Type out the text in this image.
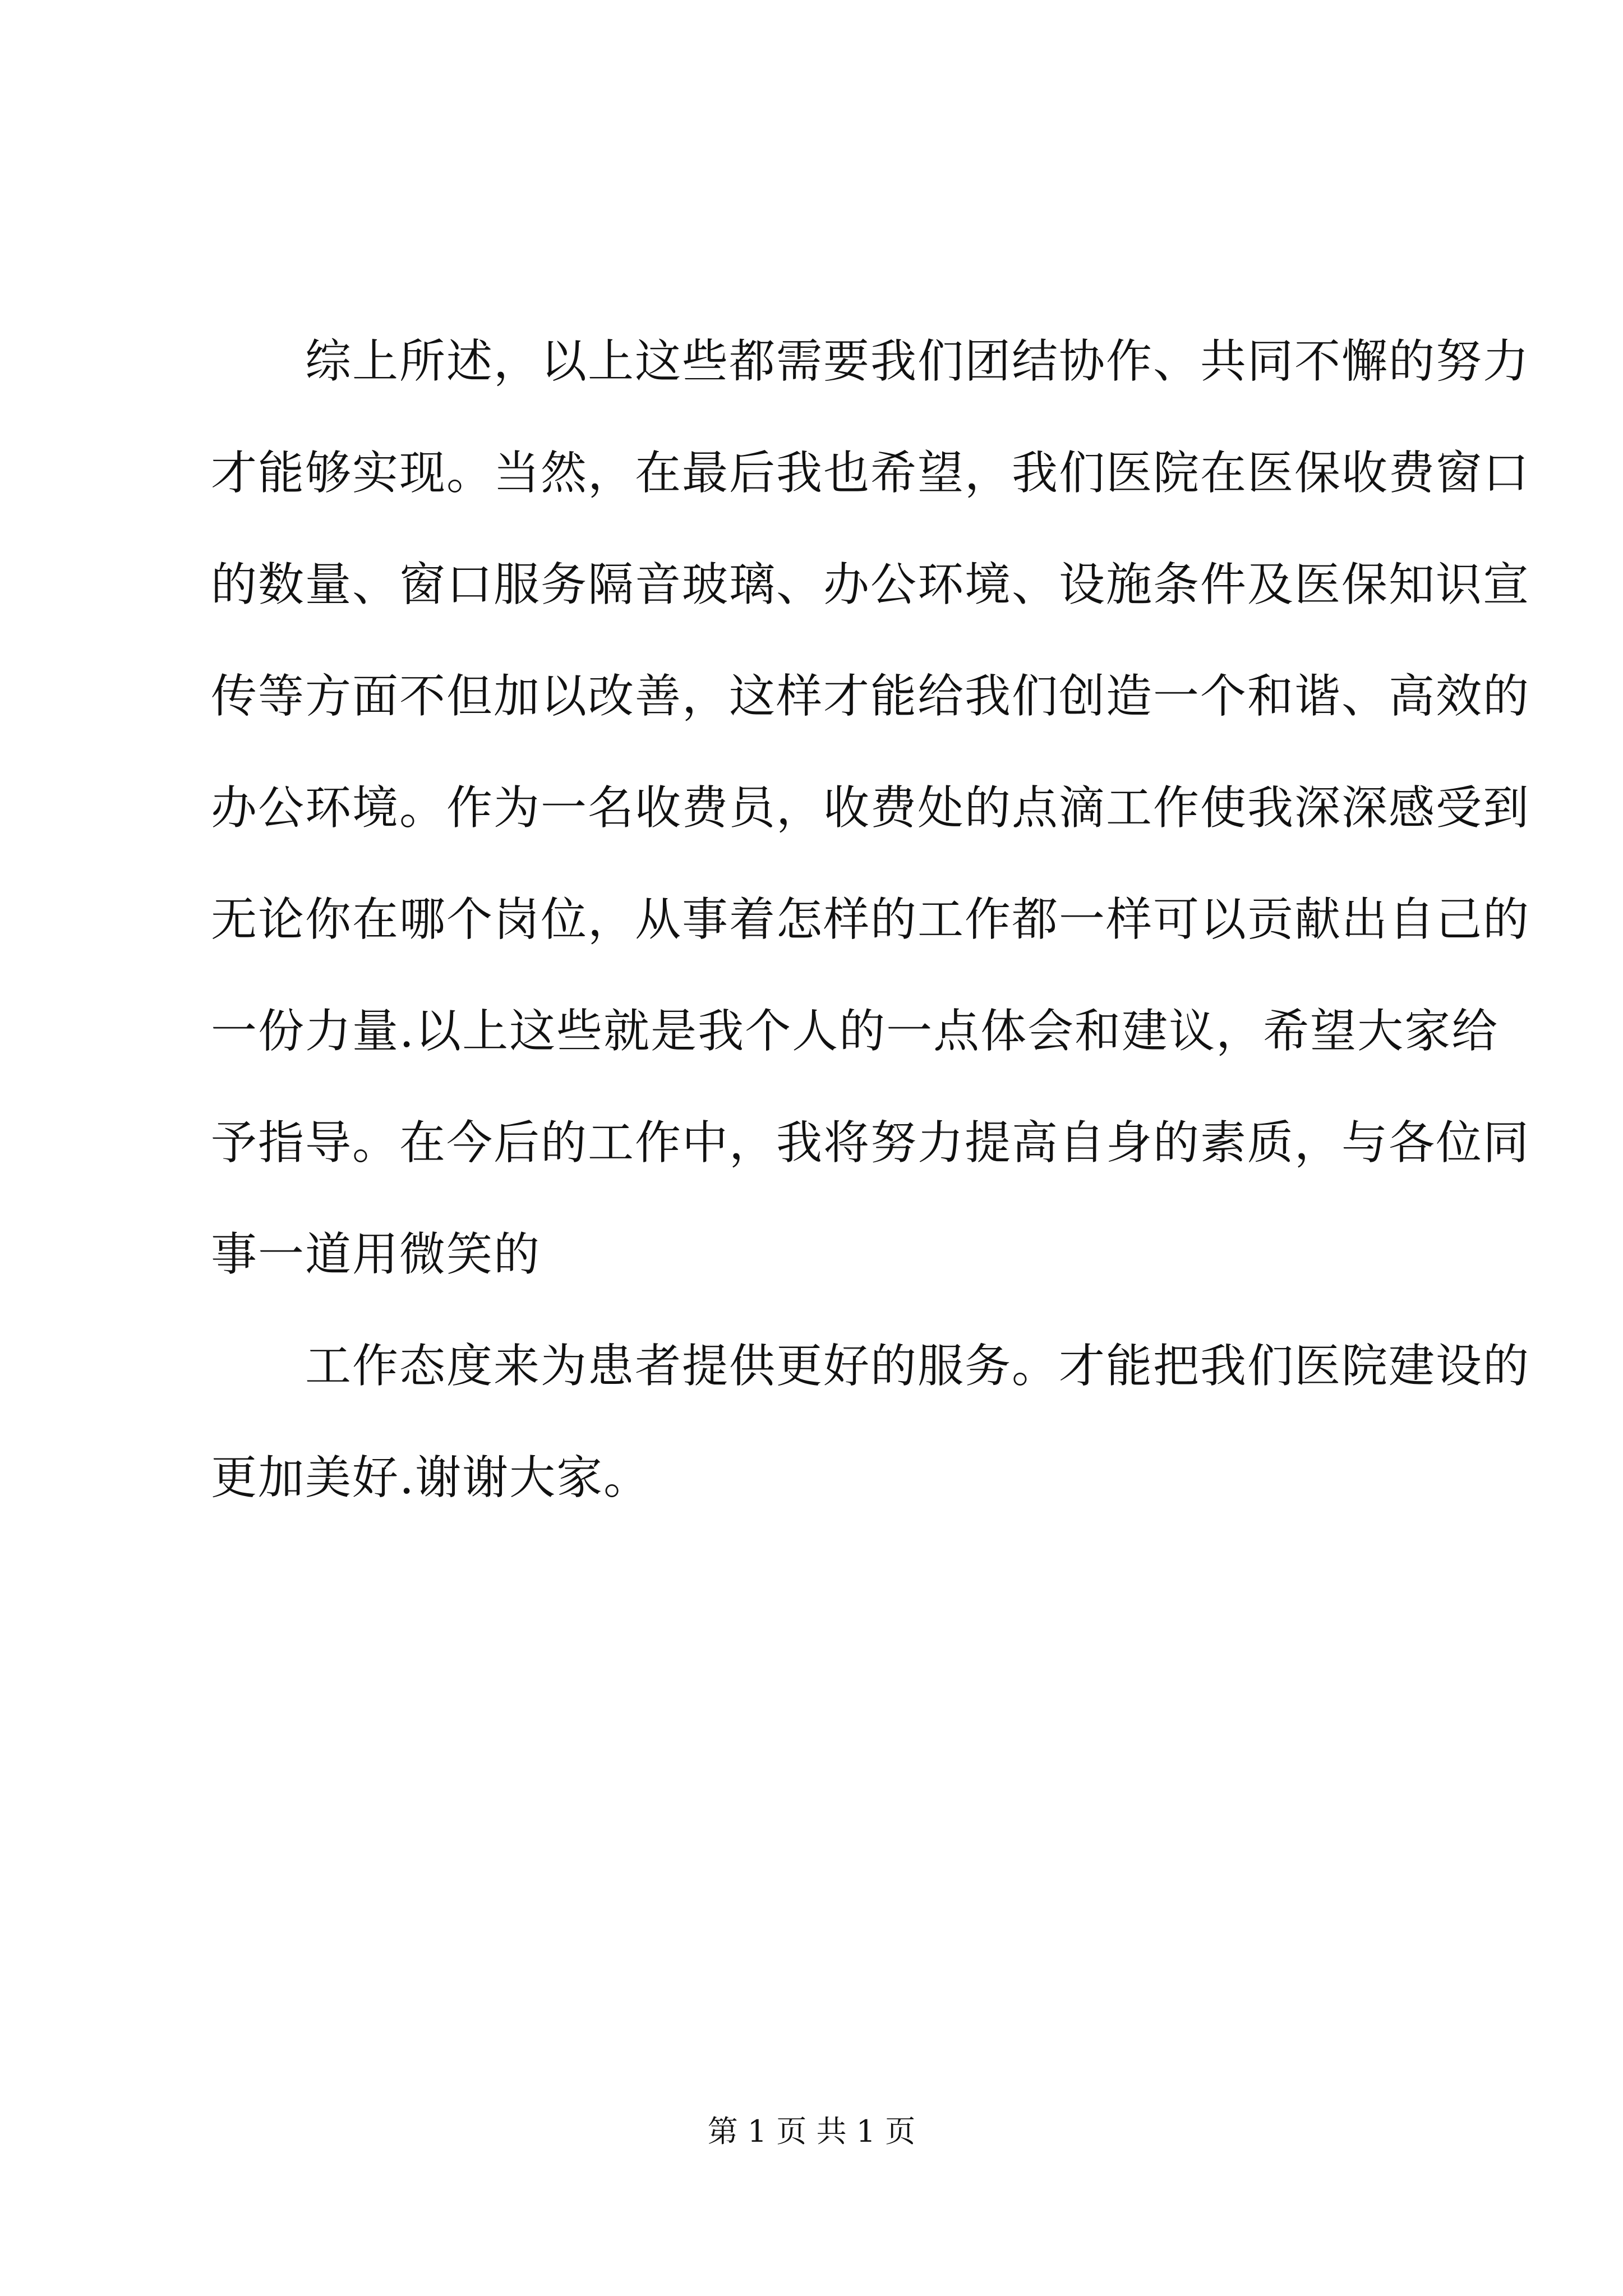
　　综上所述，以上这些都需要我们团结协作、共同不懈的努力
才能够实现。当然，在最后我也希望，我们医院在医保收费窗口
的数量、窗口服务隔音玻璃、办公环境、设施条件及医保知识宣
传等方面不但加以改善，这样才能给我们创造一个和谐、高效的
办公环境。作为一名收费员，收费处的点滴工作使我深深感受到
无论你在哪个岗位，从事着怎样的工作都一样可以贡献出自己的
一份力量.以上这些就是我个人的一点体会和建议，希望大家给
予指导。在今后的工作中，我将努力提高自身的素质，与各位同
事一道用微笑的
　　工作态度来为患者提供更好的服务。才能把我们医院建设的
更加美好.谢谢大家。
第 1 页 共 1 页
